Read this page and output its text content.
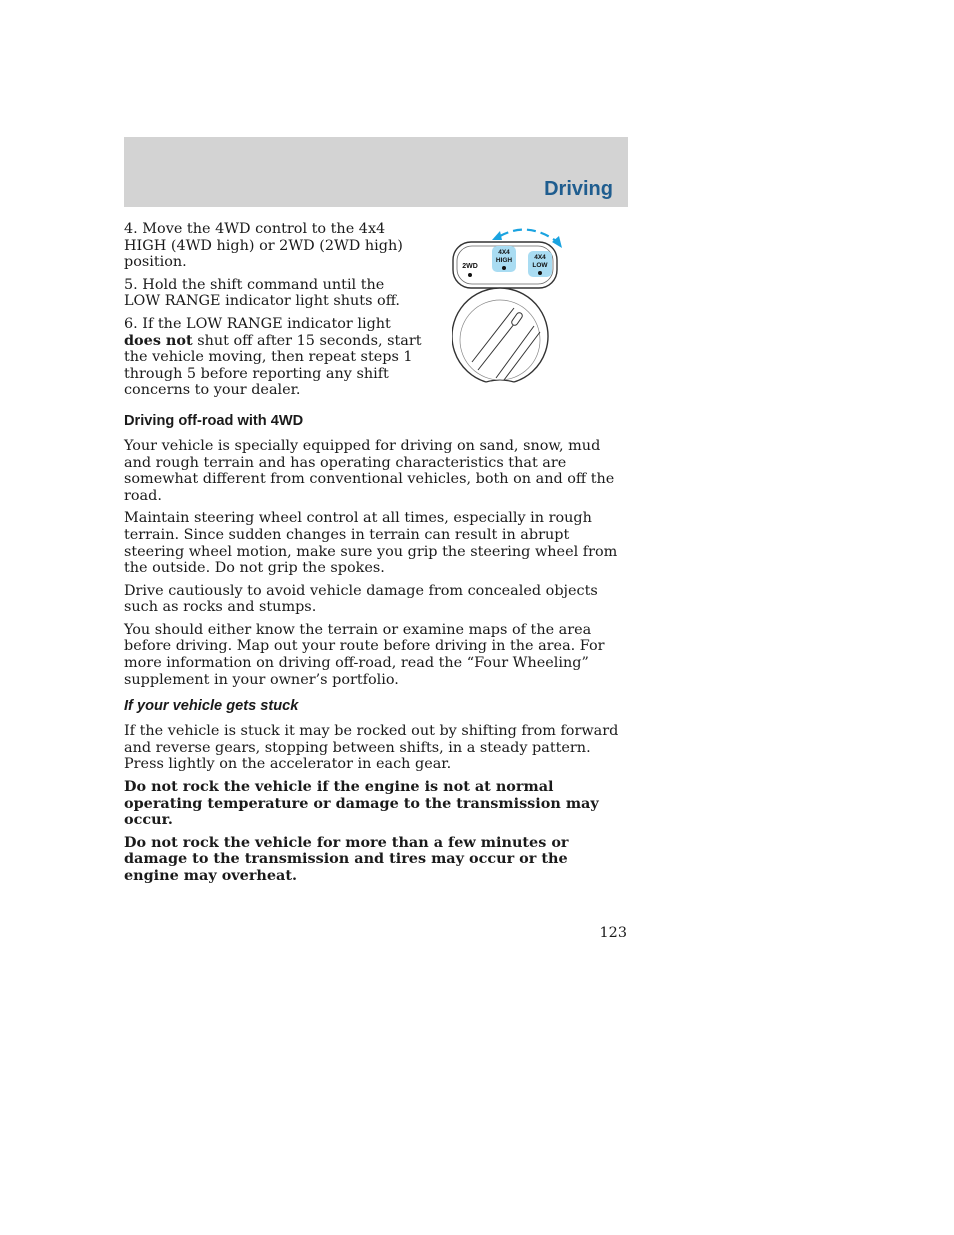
Driving
2WD
4X4
HIGH	4X4
LOW

4. Move the 4WD control to the 4x4 HIGH (4WD high) or 2WD (2WD high) position.

5. Hold the shift command until the LOW RANGE indicator light shuts off.

6. If the LOW RANGE indicator light
does not shut off after 15 seconds, start the vehicle moving, then repeat steps 1 through 5 before reporting any shift concerns to your dealer.

Driving off-road with 4WD

Your vehicle is specially equipped for driving on sand, snow, mud and rough terrain and has operating characteristics that are somewhat different from conventional vehicles, both on and off the road.

Maintain steering wheel control at all times, especially in rough terrain. Since sudden changes in terrain can result in abrupt steering wheel motion, make sure you grip the steering wheel from the outside. Do not grip the spokes.

Drive cautiously to avoid vehicle damage from concealed objects such as rocks and stumps.

You should either know the terrain or examine maps of the area before driving. Map out your route before driving in the area. For more information on driving off-road, read the “Four Wheeling” supplement in your owner’s portfolio.

If your vehicle gets stuck

If the vehicle is stuck it may be rocked out by shifting from forward and reverse gears, stopping between shifts, in a steady pattern. Press lightly on the accelerator in each gear.

Do not rock the vehicle if the engine is not at normal operating temperature or damage to the transmission may occur.

Do not rock the vehicle for more than a few minutes or damage to the transmission and tires may occur or the engine may overheat.

123
